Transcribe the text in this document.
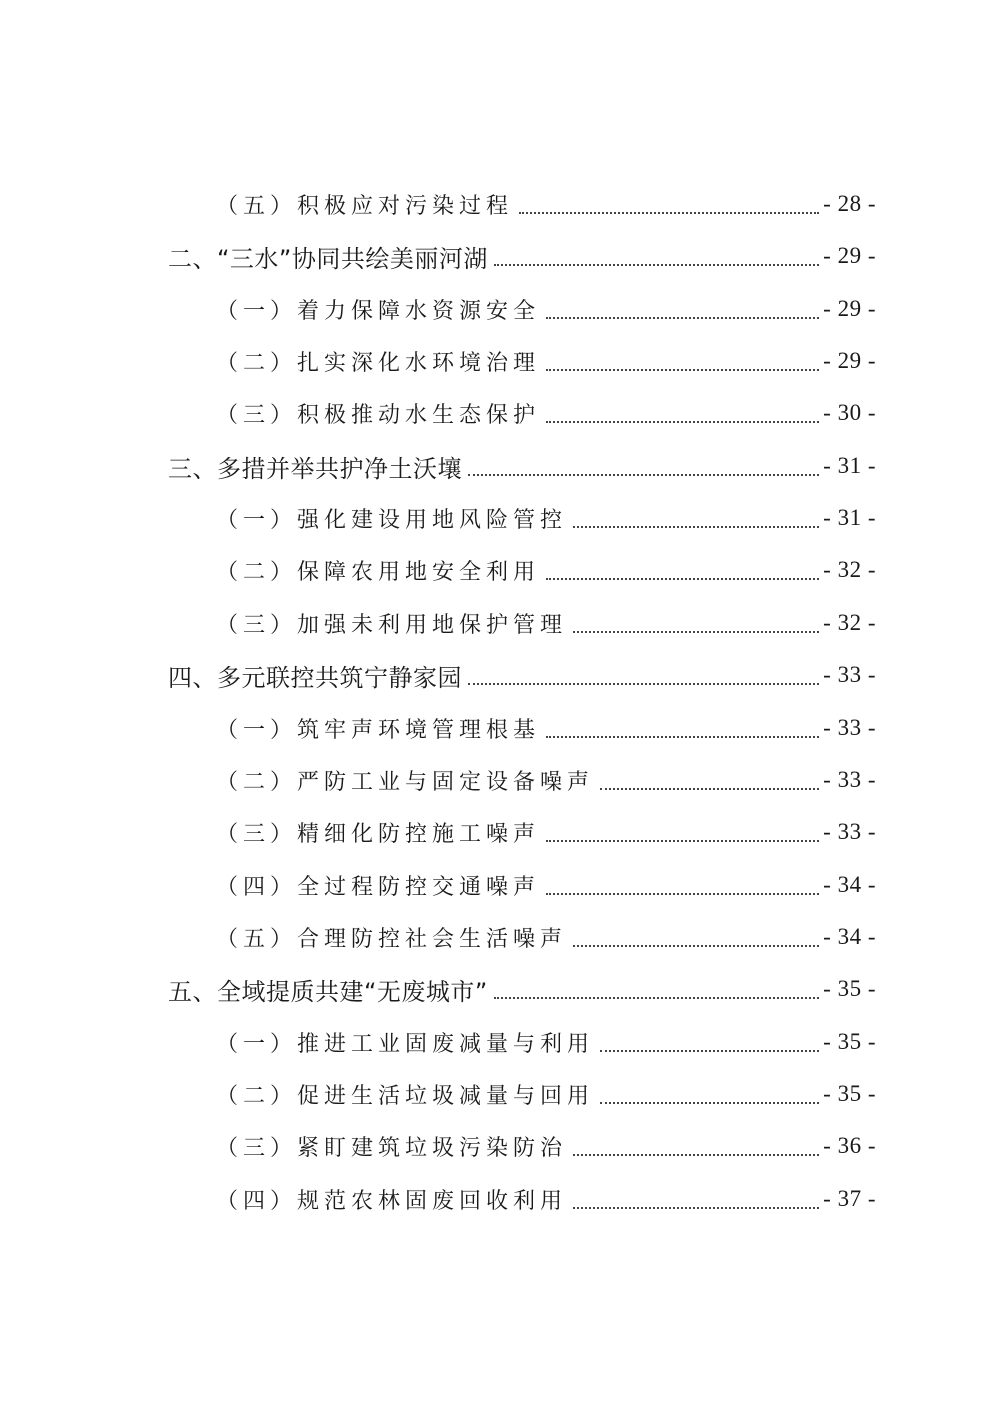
（五）积极应对污染过程	- 28 -
二、“三水”协同共绘美丽河湖	- 29 -
（一）着力保障水资源安全	- 29 -
（二）扎实深化水环境治理	- 29 -
（三）积极推动水生态保护	- 30 -
三、多措并举共护净土沃壤	- 31 -
（一）强化建设用地风险管控	- 31 -
（二）保障农用地安全利用	- 32 -
（三）加强未利用地保护管理	- 32 -
四、多元联控共筑宁静家园	- 33 -
（一）筑牢声环境管理根基	- 33 -
（二）严防工业与固定设备噪声	- 33 -
（三）精细化防控施工噪声	- 33 -
（四）全过程防控交通噪声	- 34 -
（五）合理防控社会生活噪声	- 34 -
五、全域提质共建“无废城市”	- 35 -
（一）推进工业固废减量与利用	- 35 -
（二）促进生活垃圾减量与回用	- 35 -
（三）紧盯建筑垃圾污染防治	- 36 -
（四）规范农林固废回收利用	- 37 -
